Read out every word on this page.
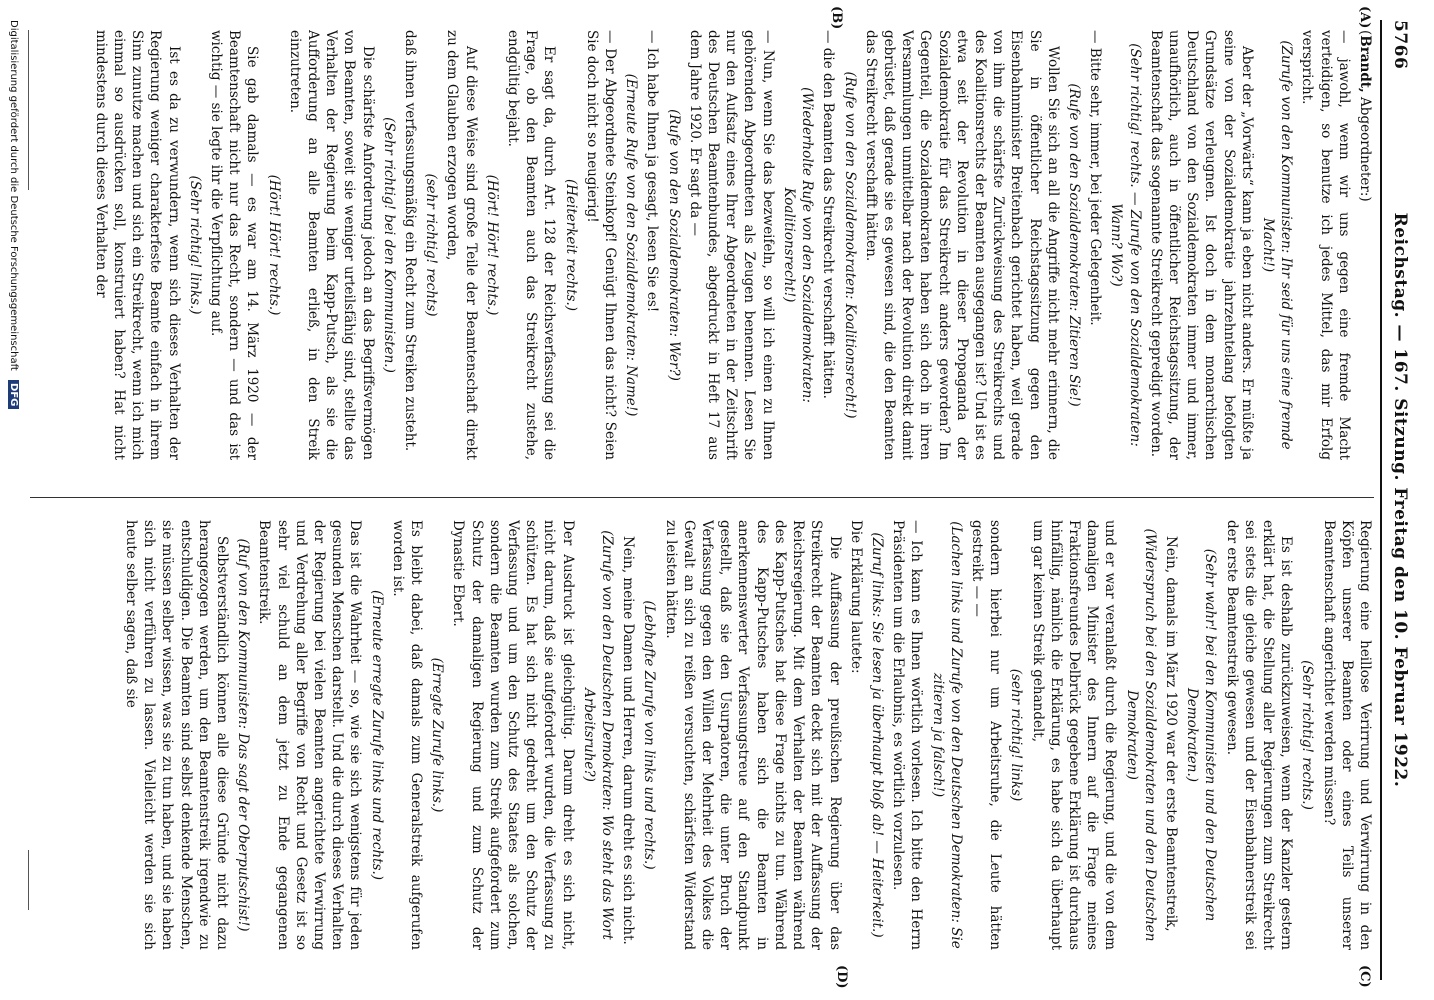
5766
Reichstag. — 167. Sitzung. Freitag den 10. Februar 1922.
(A)
(B)
(C)
(D)

(Brandt, Abgeordneter:)

— jawohl, wenn wir uns gegen eine fremde Macht verteidigen, so benutze ich jedes Mittel, das mir Erfolg verspricht.

(Zurufe von den Kommunisten: Ihr seid für uns eine fremde Macht!)

Aber der „Vorwärts“ kann ja eben nicht anders. Er müßte ja seine von der Sozialdemokratie jahrzehntelang befolgten Grundsätze verleugnen. Ist doch in dem monarchischen Deutschland von den Sozialdemokraten immer und immer, unaufhörlich, auch in öffentlicher Reichstagssitzung, der Beamtenschaft das sogenannte Streikrecht gepredigt worden.

(Sehr richtig! rechts. — Zurufe von den Sozialdemokraten: Wann? Wo?)

— Bitte sehr, immer, bei jeder Gelegenheit.

(Rufe von den Sozialdemokraten: Zitieren Sie!)

Wollen Sie sich an all die Angriffe nicht mehr erinnern, die Sie in öffentlicher Reichstagssitzung gegen den Eisenbahnminister Breitenbach gerichtet haben, weil gerade von ihm die schärfste Zurückweisung des Streikrechts und des Koalitionsrechts der Beamten ausgegangen ist? Und ist es etwa seit der Revolution in dieser Propaganda der Sozialdemokratie für das Streikrecht anders geworden? Im Gegenteil, die Sozialdemokraten haben sich doch in ihren Versammlungen unmittelbar nach der Revolution direkt damit gebrüstet, daß gerade sie es gewesen sind, die den Beamten das Streikrecht verschafft hätten.

(Rufe von den Sozialdemokraten: Koalitionsrecht!)

— die den Beamten das Streikrecht verschafft hätten.

(Wiederholte Rufe von den Sozialdemokraten: Koalitionsrecht!)

— Nun, wenn Sie das bezweifeln, so will ich einen zu Ihnen gehörenden Abgeordneten als Zeugen benennen. Lesen Sie nur den Aufsatz eines Ihrer Abgeordneten in der Zeitschrift des Deutschen Beamtenbundes, abgedruckt in Heft 17 aus dem Jahre 1920. Er sagt da —

(Rufe von den Sozialdemokraten: Wer?)

— Ich habe Ihnen ja gesagt, lesen Sie es!

(Erneute Rufe von den Sozialdemokraten: Name!)

— Der Abgeordnete Steinkopf! Genügt Ihnen das nicht? Seien Sie doch nicht so neugierig!

(Heiterkeit rechts.)

Er sagt da, durch Art. 128 der Reichsverfassung sei die Frage, ob den Beamten auch das Streikrecht zustehe, endgültig bejaht.

(Hört! Hört! rechts.)

Auf diese Weise sind große Teile der Beamtenschaft direkt zu dem Glauben erzogen worden,

(sehr richtig! rechts)

daß ihnen verfassungsmäßig ein Recht zum Streiken zusteht.

(Sehr richtig! bei den Kommunisten.)

Die schärfste Anforderung jedoch an das Begriffsvermögen von Beamten, soweit sie weniger urteilsfähig sind, stellte das Verhalten der Regierung beim Kapp-Putsch, als sie die Aufforderung an alle Beamten erließ, in den Streik einzutreten.

(Hört! Hört! rechts.)

Sie gab damals — es war am 14. März 1920 — der Beamtenschaft nicht nur das Recht, sondern — und das ist wichtig — sie legte ihr die Verpflichtung auf.

(Sehr richtig! links.)

Ist es da zu verwundern, wenn sich dieses Verhalten der Regierung weniger charakterfeste Beamte einfach in ihrem Sinn zunutze machen und sich ein Streikrecht, wenn ich mich einmal so ausdrücken soll, konstruiert haben? Hat nicht mindestens durch dieses Verhalten der

Regierung eine heillose Verirrung und Verwirrung in den Köpfen unserer Beamten oder eines Teils unserer Beamtenschaft angerichtet werden müssen?

(Sehr richtig! rechts.)

Es ist deshalb zurückzuweisen, wenn der Kanzler gestern erklärt hat, die Stellung aller Regierungen zum Streikrecht sei stets die gleiche gewesen und der Eisenbahnerstreik sei der erste Beamtenstreik gewesen.

(Sehr wahr! bei den Kommunisten und den Deutschen Demokraten.)

Nein, damals im März 1920 war der erste Beamtenstreik,

(Widerspruch bei den Sozialdemokraten und den Deutschen Demokraten)

und er war veranlaßt durch die Regierung, und die von dem damaligen Minister des Innern auf die Frage meines Fraktionsfreundes Delbrück gegebene Erklärung ist durchaus hinfällig, nämlich die Erklärung, es habe sich da überhaupt um gar keinen Streik gehandelt,

(sehr richtig! links)

sondern hierbei nur um Arbeitsruhe, die Leute hätten gestreikt — —

(Lachen links und Zurufe von den Deutschen Demokraten: Sie zitieren ja falsch!)

— Ich kann es Ihnen wörtlich vorlesen. Ich bitte den Herrn Präsidenten um die Erlaubnis, es wörtlich vorzulesen.

(Zuruf links: Sie lesen ja überhaupt bloß ab! — Heiterkeit.)

Die Erklärung lautete:

Die Auffassung der preußischen Regierung über das Streikrecht der Beamten deckt sich mit der Auffassung der Reichsregierung. Mit dem Verhalten der Beamten während des Kapp-Putsches hat diese Frage nichts zu tun. Während des Kapp-Putsches haben sich die Beamten in anerkennenswerter Verfassungstreue auf den Standpunkt gestellt, daß sie den Usurpatoren, die unter Bruch der Verfassung gegen den Willen der Mehrheit des Volkes die Gewalt an sich zu reißen versuchten, schärfsten Widerstand zu leisten hätten.

(Lebhafte Zurufe von links und rechts.)

Nein, meine Damen und Herren, darum dreht es sich nicht.

(Zurufe von den Deutschen Demokraten: Wo steht das Wort Arbeitsruhe?)

Der Ausdruck ist gleichgültig. Darum dreht es sich nicht, nicht darum, daß sie aufgefordert wurden, die Verfassung zu schützen. Es hat sich nicht gedreht um den Schutz der Verfassung und um den Schutz des Staates als solchen, sondern die Beamten wurden zum Streik aufgefordert zum Schutz der damaligen Regierung und zum Schutz der Dynastie Ebert.

(Erregte Zurufe links.)

Es bleibt dabei, daß damals zum Generalstreik aufgerufen worden ist.

(Erneute erregte Zurufe links und rechts.)

Das ist die Wahrheit — so, wie sie sich wenigstens für jeden gesunden Menschen darstellt. Und die durch dieses Verhalten der Regierung bei vielen Beamten angerichtete Verwirrung und Verdrehung aller Begriffe von Recht und Gesetz ist so sehr viel schuld an dem jetzt zu Ende gegangenen Beamtenstreik.

(Ruf von den Kommunisten: Das sagt der Oberputschist!)

Selbstverständlich können alle diese Gründe nicht dazu herangezogen werden, um den Beamtenstreik irgendwie zu entschuldigen. Die Beamten sind selbst denkende Menschen, sie müssen selber wissen, was sie zu tun haben, und sie haben sich nicht verführen zu lassen. Vielleicht werden sie sich heute selber sagen, daß sie

Digitalisierung gefördert durch die Deutsche Forschungsgemeinschaft DFG
